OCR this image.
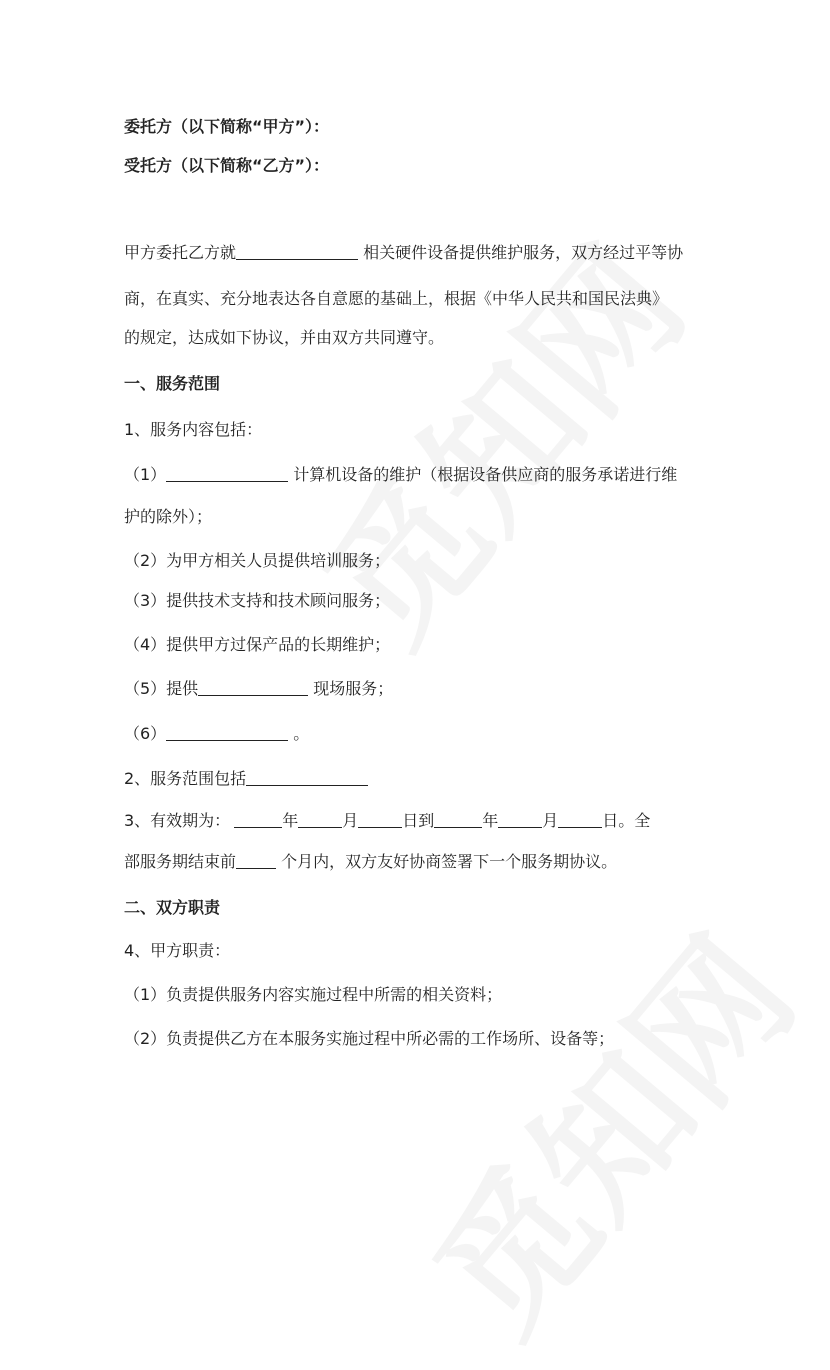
委托方（以下简称“甲方”）：
受托方（以下简称“乙方”）：
甲方委托乙方就	相关硬件设备提供维护服务，双方经过平等协
商，在真实、充分地表达各自意愿的基础上，根据《中华人民共和国民法典》
的规定，达成如下协议，并由双方共同遵守。
一、服务范围
1、服务内容包括：
（1）	计算机设备的维护（根据设备供应商的服务承诺进行维
护的除外）；
（2）为甲方相关人员提供培训服务；
（3）提供技术支持和技术顾问服务；
（4）提供甲方过保产品的长期维护；
（5）提供	现场服务；
（6）	。
2、服务范围包括
3、有效期为：	年	月	日到	年	月	日。全
部服务期结束前	个月内，双方友好协商签署下一个服务期协议。
二、双方职责
4、甲方职责：
（1）负责提供服务内容实施过程中所需的相关资料；
（2）负责提供乙方在本服务实施过程中所必需的工作场所、设备等；
